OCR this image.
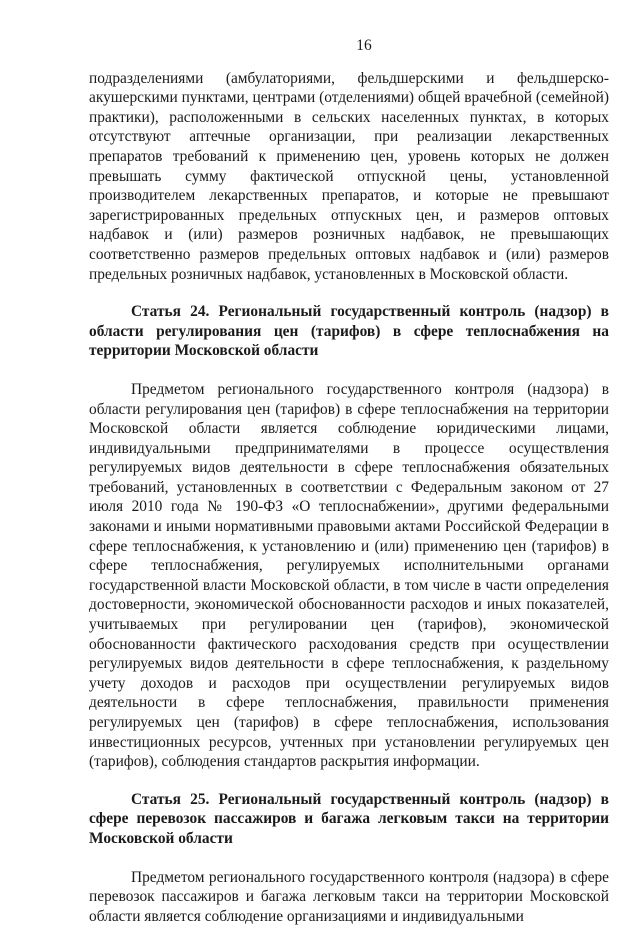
16

подразделениями (амбулаториями, фельдшерскими и фельдшерско-акушерскими пунктами, центрами (отделениями) общей врачебной (семейной) практики), расположенными в сельских населенных пунктах, в которых отсутствуют аптечные организации, при реализации лекарственных препаратов требований к применению цен, уровень которых не должен превышать сумму фактической отпускной цены, установленной производителем лекарственных препаратов, и которые не превышают зарегистрированных предельных отпускных цен, и размеров оптовых надбавок и (или) размеров розничных надбавок, не превышающих соответственно размеров предельных оптовых надбавок и (или) размеров предельных розничных надбавок, установленных в Московской области.

Статья 24. Региональный государственный контроль (надзор) в области регулирования цен (тарифов) в сфере теплоснабжения на территории Московской области

Предметом регионального государственного контроля (надзора) в области регулирования цен (тарифов) в сфере теплоснабжения на территории Московской области является соблюдение юридическими лицами, индивидуальными предпринимателями в процессе осуществления регулируемых видов деятельности в сфере теплоснабжения обязательных требований, установленных в соответствии с Федеральным законом от 27 июля 2010 года № 190-ФЗ «О теплоснабжении», другими федеральными законами и иными нормативными правовыми актами Российской Федерации в сфере теплоснабжения, к установлению и (или) применению цен (тарифов) в сфере теплоснабжения, регулируемых исполнительными органами государственной власти Московской области, в том числе в части определения достоверности, экономической обоснованности расходов и иных показателей, учитываемых при регулировании цен (тарифов), экономической обоснованности фактического расходования средств при осуществлении регулируемых видов деятельности в сфере теплоснабжения, к раздельному учету доходов и расходов при осуществлении регулируемых видов деятельности в сфере теплоснабжения, правильности применения регулируемых цен (тарифов) в сфере теплоснабжения, использования инвестиционных ресурсов, учтенных при установлении регулируемых цен (тарифов), соблюдения стандартов раскрытия информации.

Статья 25. Региональный государственный контроль (надзор) в сфере перевозок пассажиров и багажа легковым такси на территории Московской области

Предметом регионального государственного контроля (надзора) в сфере перевозок пассажиров и багажа легковым такси на территории Московской области является соблюдение организациями и индивидуальными
